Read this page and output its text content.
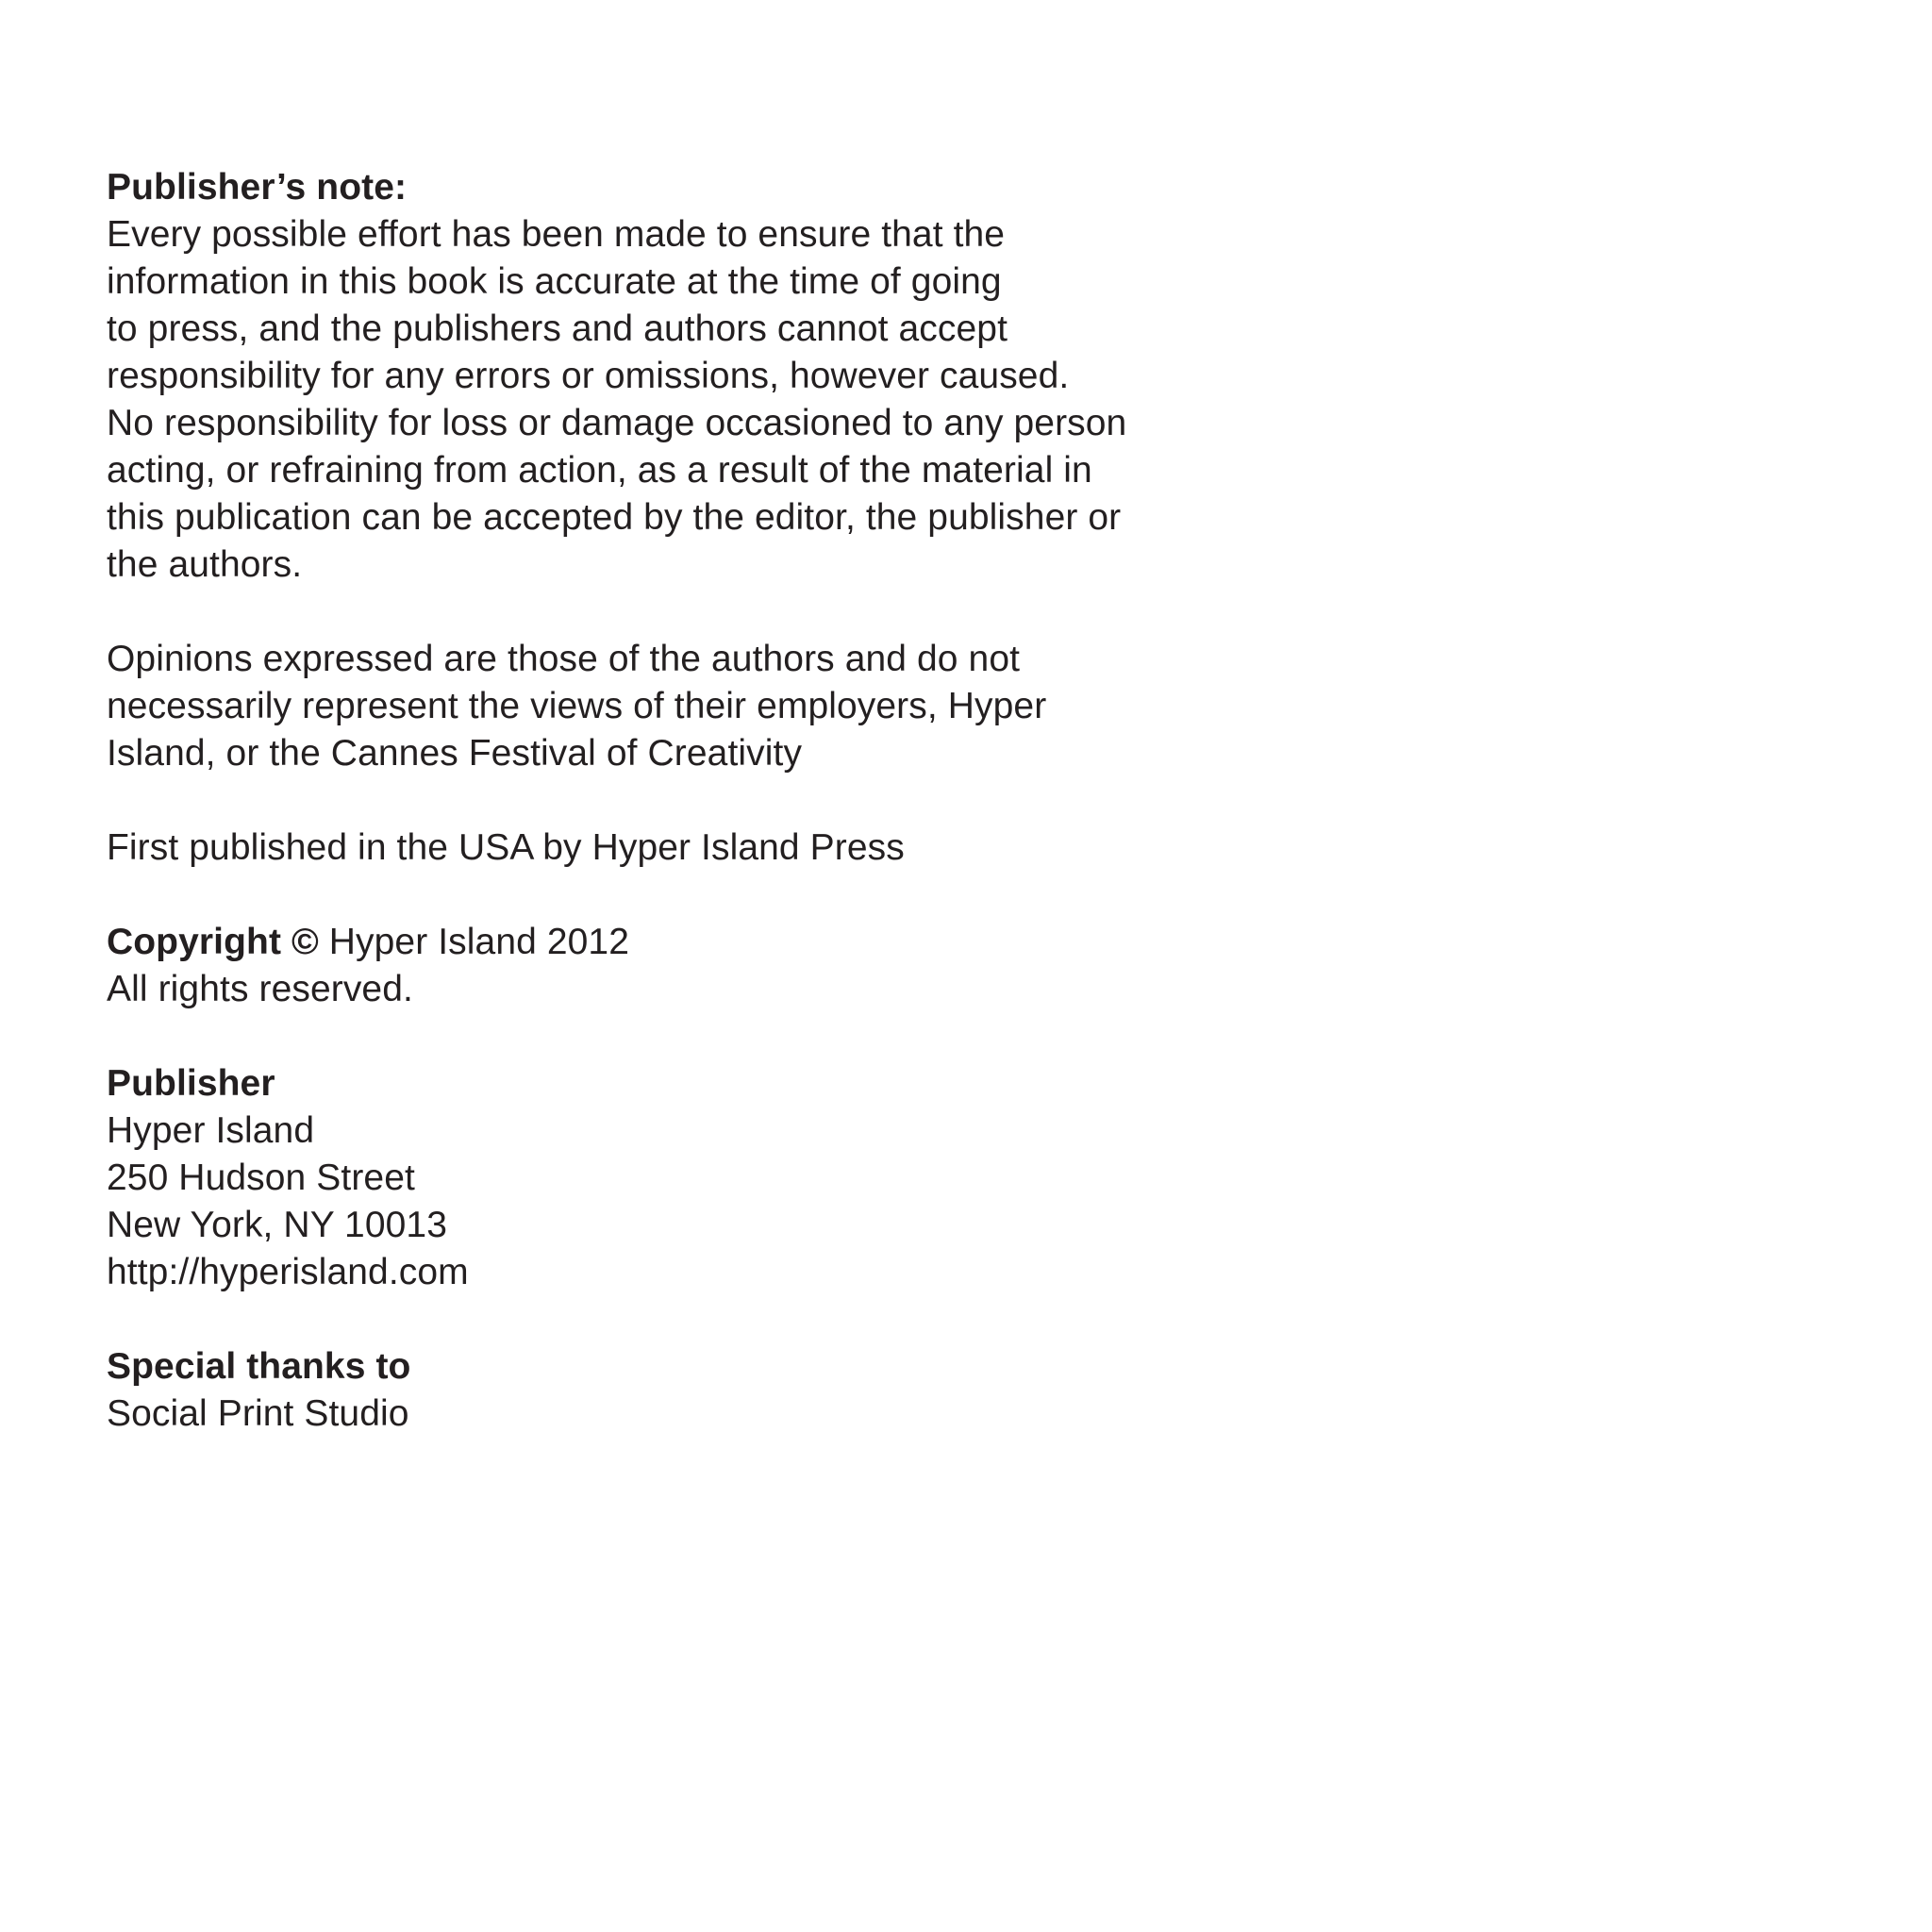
Publisher’s note:
Every possible effort has been made to ensure that the
information in this book is accurate at the time of going
to press, and the publishers and authors cannot accept
responsibility for any errors or omissions, however caused.
No responsibility for loss or damage occasioned to any person
acting, or refraining from action, as a result of the material in
this publication can be accepted by the editor, the publisher or
the authors.
Opinions expressed are those of the authors and do not
necessarily represent the views of their employers, Hyper
Island, or the Cannes Festival of Creativity
First published in the USA by Hyper Island Press
Copyright © Hyper Island 2012
All rights reserved.
Publisher
Hyper Island
250 Hudson Street
New York, NY 10013
http://hyperisland.com
Special thanks to
Social Print Studio
